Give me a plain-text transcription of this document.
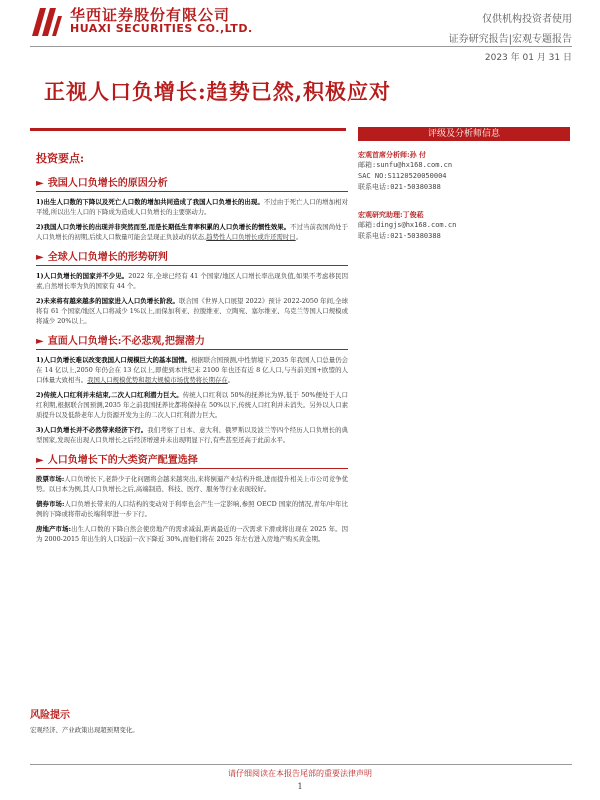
华西证券股份有限公司
HUAXI SECURITIES CO.,LTD.
仅供机构投资者使用
证券研究报告|宏观专题报告
2023 年 01 月 31 日
正视人口负增长:趋势已然,积极应对
评级及分析师信息
投资要点:
► 我国人口负增长的原因分析
1)出生人口数的下降以及死亡人口数的增加共同造成了我国人口负增长的出现。不过由于死亡人口的增加相对平缓,所以出生人口的下降成为造成人口负增长的主要驱动力。
2)我国人口负增长的出现并非突然而至,而是长期低生育率积累的人口负增长的惯性效果。不过当前我国尚处于人口负增长的初期,后续人口数量可能会呈现正负波动的状态,趋势性人口负增长或许还需时日。
► 全球人口负增长的形势研判
1)人口负增长的国家并不少见。2022 年,全球已经有 41 个国家/地区人口增长率出现负值,如果不考虑移民因素,自然增长率为负的国家有 44 个。
2)未来将有越来越多的国家进入人口负增长阶段。联合国《世界人口展望 2022》预计 2022-2050 年间,全球将有 61 个国家/地区人口将减少 1%以上,而保加利亚、拉脱维亚、立陶宛、塞尔维亚、乌克兰等国人口规模或将减少 20%以上。
► 直面人口负增长:不必悲观,把握潜力
1)人口负增长难以改变我国人口规模巨大的基本国情。根据联合国预测,中性情境下,2035 年我国人口总量仍会在 14 亿以上,2050 年仍会在 13 亿以上,即使到本世纪末 2100 年也还有近 8 亿人口,与当前美国+欧盟的人口体量大致相当。我国人口规模优势和超大规模市场优势将长期存在。
2)传统人口红利并未结束,二次人口红利潜力巨大。传统人口红利以 50%的抚养比为界,低于 50%便处于人口红利期,根据联合国预测,2035 年之前我国抚养比都将保持在 50%以下,传统人口红利并未消失。另外以人口素质提升以及低龄老年人力资源开发为主的二次人口红利潜力巨大。
3)人口负增长并不必然带来经济下行。我们考察了日本、意大利、俄罗斯以及波兰等四个经历人口负增长的典型国家,发现在出现人口负增长之后经济增速并未出现明显下行,有些甚至还高于此前水平。
► 人口负增长下的大类资产配置选择
股票市场:人口负增长下,老龄少子化问题将会越来越突出,来将倒逼产业结构升级,进而提升相关上市公司竞争优势。以日本为例,其人口负增长之后,高端制造、科技、医疗、服务等行业表现较好。
债券市场:人口负增长带来的人口结构的变动对于利率也会产生一定影响,参照 OECD 国家的情况,青年/中年比例的下降或将带动长端利率进一步下行。
房地产市场:出生人口数的下降自然会使房地产的需求减弱,距离最近的一次需求下滑或将出现在 2025 年。因为 2000-2015 年出生的人口较前一次下降近 30%,而他们将在 2025 年左右进入房地产购买黄金期。
宏观首席分析师:孙 付
邮箱:sunfu@hx168.com.cn
SAC NO:S1120520050004
联系电话:021-50380388
宏观研究助理:丁俊菘
邮箱:dingjs@hx168.com.cn
联系电话:021-50380388
风险提示
宏观经济、产业政策出现超预期变化。
请仔细阅读在本报告尾部的重要法律声明
1
